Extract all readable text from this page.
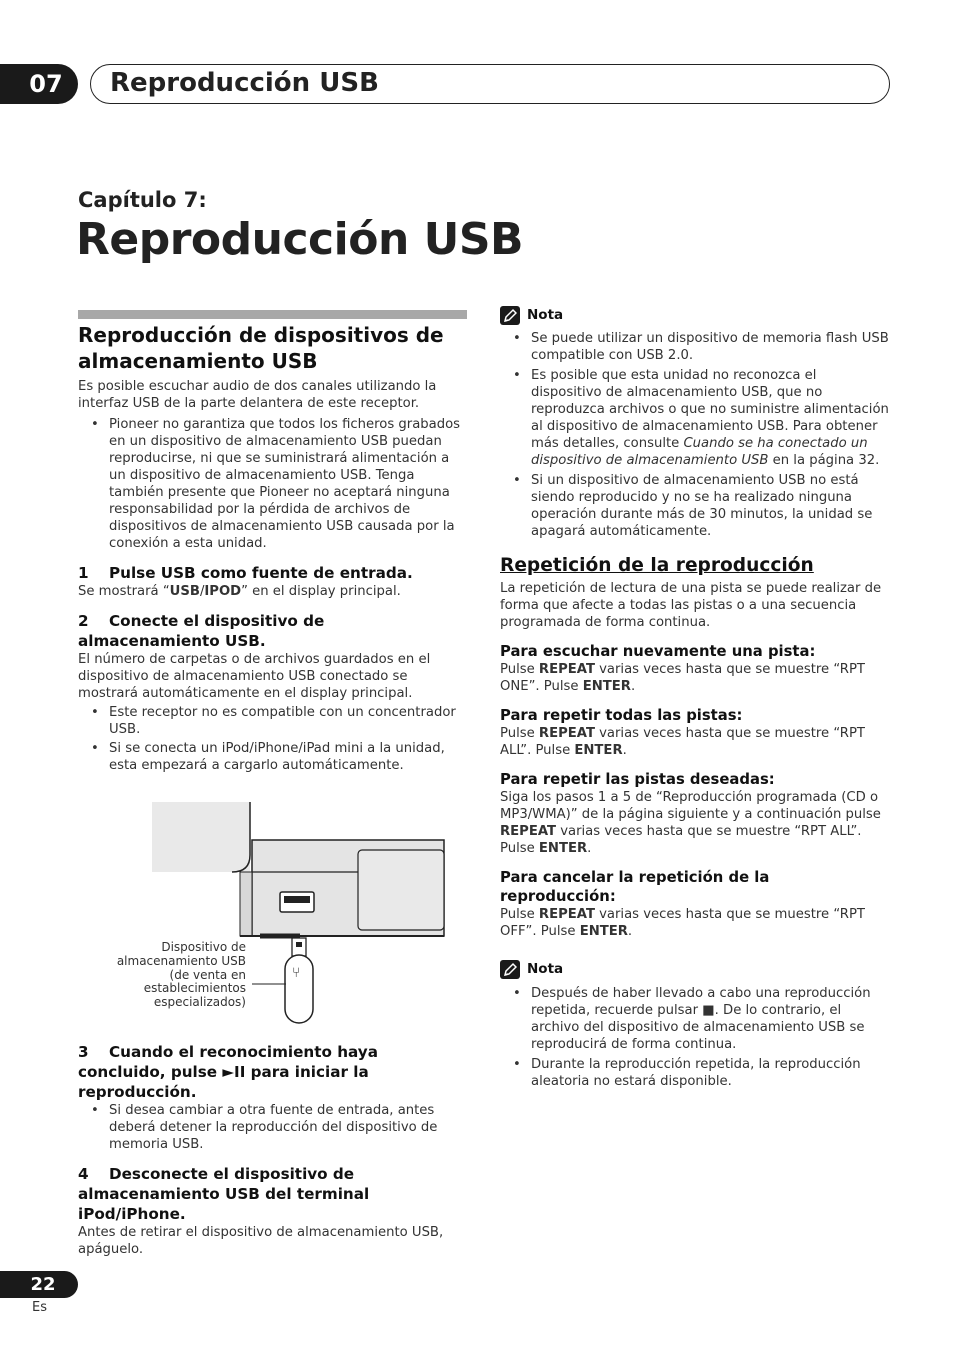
07	Reproducción USB
Capítulo 7:
Reproducción USB
Reproducción de dispositivos de almacenamiento USB

Es posible escuchar audio de dos canales utilizando la interfaz USB de la parte delantera de este receptor.

• Pioneer no garantiza que todos los ficheros grabados en un dispositivo de almacenamiento USB puedan reproducirse, ni que se suministrará alimentación a un dispositivo de almacenamiento USB. Tenga también presente que Pioneer no aceptará ninguna responsabilidad por la pérdida de archivos de dispositivos de almacenamiento USB causada por la conexión a esta unidad.
1 Pulse USB como fuente de entrada.

Se mostrará “USB/IPOD” en el display principal.

2 Conecte el dispositivo de almacenamiento USB.

El número de carpetas o de archivos guardados en el dispositivo de almacenamiento USB conectado se mostrará automáticamente en el display principal.

• Este receptor no es compatible con un concentrador USB.
• Si se conecta un iPod/iPhone/iPad mini a la unidad, esta empezará a cargarlo automáticamente.
⑂
Dispositivo de
almacenamiento USB
(de venta en
establecimientos
especializados)
3 Cuando el reconocimiento haya concluido, pulse ►II para iniciar la reproducción.
• Si desea cambiar a otra fuente de entrada, antes deberá detener la reproducción del dispositivo de memoria USB.
4 Desconecte el dispositivo de almacenamiento USB del terminal iPod/iPhone.

Antes de retirar el dispositivo de almacenamiento USB, apáguelo.

Nota
• Se puede utilizar un dispositivo de memoria flash USB compatible con USB 2.0.
• Es posible que esta unidad no reconozca el dispositivo de almacenamiento USB, que no reproduzca archivos o que no suministre alimentación al dispositivo de almacenamiento USB. Para obtener más detalles, consulte Cuando se ha conectado un dispositivo de almacenamiento USB en la página 32.
• Si un dispositivo de almacenamiento USB no está siendo reproducido y no se ha realizado ninguna operación durante más de 30 minutos, la unidad se apagará automáticamente.
Repetición de la reproducción

La repetición de lectura de una pista se puede realizar de forma que afecte a todas las pistas o a una secuencia programada de forma continua.

Para escuchar nuevamente una pista:

Pulse REPEAT varias veces hasta que se muestre “RPT ONE”. Pulse ENTER.

Para repetir todas las pistas:

Pulse REPEAT varias veces hasta que se muestre “RPT ALL”. Pulse ENTER.

Para repetir las pistas deseadas:

Siga los pasos 1 a 5 de “Reproducción programada (CD o MP3/WMA)” de la página siguiente y a continuación pulse REPEAT varias veces hasta que se muestre “RPT ALL”. Pulse ENTER.

Para cancelar la repetición de la reproducción:

Pulse REPEAT varias veces hasta que se muestre “RPT OFF”. Pulse ENTER.

Nota
• Después de haber llevado a cabo una reproducción repetida, recuerde pulsar ■. De lo contrario, el archivo del dispositivo de almacenamiento USB se reproducirá de forma continua.
• Durante la reproducción repetida, la reproducción aleatoria no estará disponible.
22
Es
